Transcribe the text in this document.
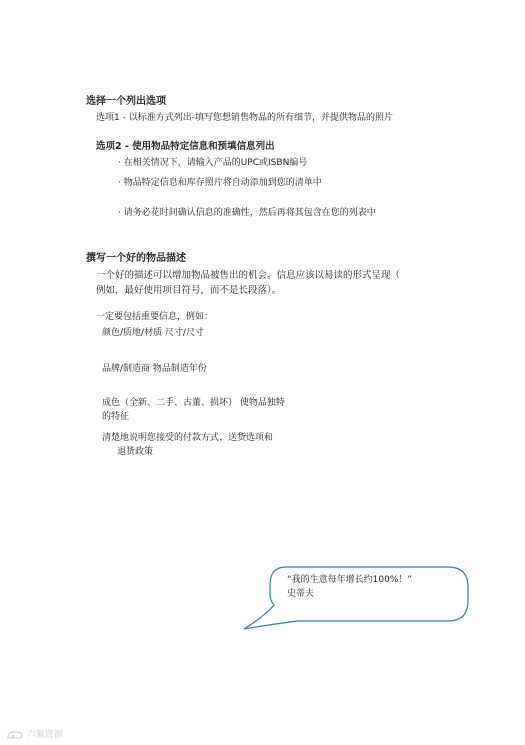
选择一个列出选项
选项1 - 以标准方式列出-填写您想销售物品的所有细节，并提供物品的照片
选项2 - 使用物品特定信息和预填信息列出
· 在相关情况下，请输入产品的UPC或ISBN编号
· 物品特定信息和库存照片将自动添加到您的清单中
· 请务必花时间确认信息的准确性，然后再将其包含在您的列表中
撰写一个好的物品描述
一个好的描述可以增加物品被售出的机会。信息应该以易读的形式呈现（
例如，最好使用项目符号，而不是长段落）。
一定要包括重要信息，例如：
颜色/质地/材质 尺寸/尺寸
品牌/制造商 物品制造年份
成色（全新、二手、古董、损坏） 使物品独特
的特征
清楚地说明您接受的付款方式、送货选项和
退货政策
“我的生意每年增长约100%！”
史蒂夫
六氮资源
